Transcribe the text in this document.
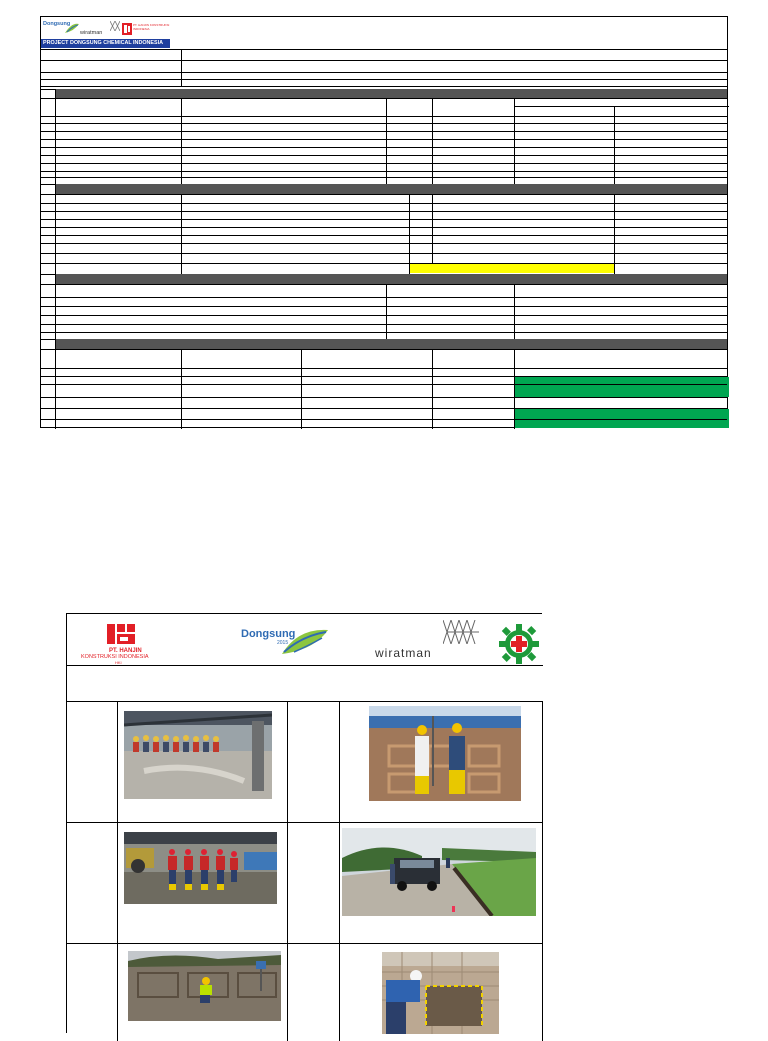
Dongsung
wiratman
PT. HANJIN KONSTRUKSI INDONESIA
PROJECT DONGSUNG CHEMICAL INDONESIA
PT. HANJIN
KONSTRUKSI INDONESIA
HKI
Dongsung
2015
wiratman
